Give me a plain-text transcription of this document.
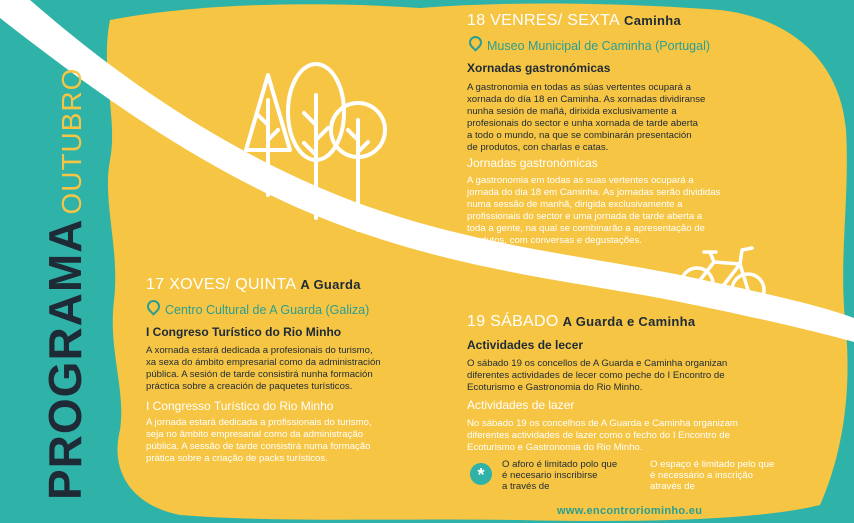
PROGRAMAOUTUBRO
18 VENRES/ SEXTA Caminha
Museo Municipal de Caminha (Portugal)
Xornadas gastronómicas
A gastronomia en todas as súas vertentes ocupará a
xornada do día 18 en Caminha. As xornadas dividiranse
nunha sesión de mañá, dirixida exclusivamente a
profesionais do sector e unha xornada de tarde aberta
a todo o mundo, na que se combinarán presentación
de produtos, con charlas e catas.
Jornadas gastronómicas
A gastronomia em todas as suas vertentes ocupará a
jornada do dia 18 em Caminha. As jornadas serão divididas
numa sessão de manhã, dirigida exclusivamente a
profissionais do sector e uma jornada de tarde aberta a
toda a gente, na qual se combinarão a apresentação de
produtos, com conversas e degustações.
17 XOVES/ QUINTA A Guarda
Centro Cultural de A Guarda (Galiza)
I Congreso Turístico do Rio Minho
A xornada estará dedicada a profesionais do turismo,
xa sexa do ámbito empresarial como da administración
pública. A sesión de tarde consistirá nunha formación
práctica sobre a creación de paquetes turísticos.
I Congresso Turístico do Rio Minho
A jornada estará dedicada a profissionais do turismo,
seja no âmbito empresarial como da administração
pública. A sessão de tarde consistirá numa formação
prática sobre a criação de packs turísticos.
19 SÁBADO A Guarda e Caminha
Actividades de lecer
O sábado 19 os concellos de A Guarda e Caminha organizan
diferentes actividades de lecer como peche do I Encontro de
Ecoturismo e Gastronomia do Rio Minho.
Actividades de lazer
No sábado 19 os concelhos de A Guarda e Caminha organizam
diferentes actividades de lazer como o fecho do I Encontro de
Ecoturismo e Gastronomia do Rio Minho.
*
O aforo é limitado polo que
é necesario inscribirse
a través de
O espaço é limitado pelo que
é necessário a inscrição
através de
www.encontroriominho.eu
